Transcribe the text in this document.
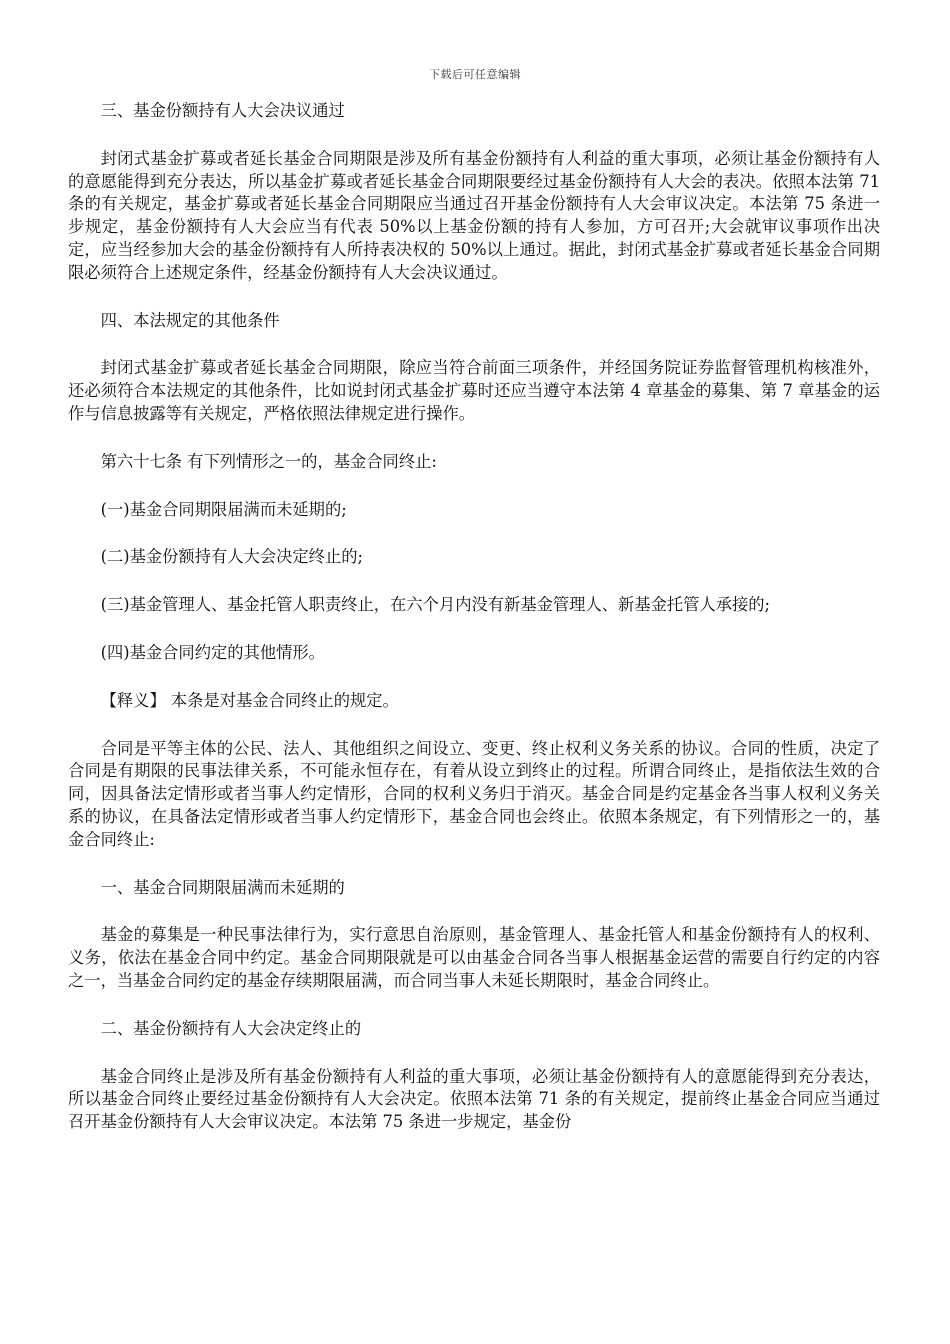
下载后可任意编辑

三、基金份额持有人大会决议通过

封闭式基金扩募或者延长基金合同期限是涉及所有基金份额持有人利益的重大事项，必须让基金份额持有人的意愿能得到充分表达，所以基金扩募或者延长基金合同期限要经过基金份额持有人大会的表决。依照本法第 71 条的有关规定，基金扩募或者延长基金合同期限应当通过召开基金份额持有人大会审议决定。本法第 75 条进一步规定，基金份额持有人大会应当有代表 50%以上基金份额的持有人参加，方可召开;大会就审议事项作出决定，应当经参加大会的基金份额持有人所持表决权的 50%以上通过。据此，封闭式基金扩募或者延长基金合同期限必须符合上述规定条件，经基金份额持有人大会决议通过。

四、本法规定的其他条件

封闭式基金扩募或者延长基金合同期限，除应当符合前面三项条件，并经国务院证券监督管理机构核准外，还必须符合本法规定的其他条件，比如说封闭式基金扩募时还应当遵守本法第 4 章基金的募集、第 7 章基金的运作与信息披露等有关规定，严格依照法律规定进行操作。

第六十七条 有下列情形之一的，基金合同终止:

(一)基金合同期限届满而未延期的;

(二)基金份额持有人大会决定终止的;

(三)基金管理人、基金托管人职责终止，在六个月内没有新基金管理人、新基金托管人承接的;

(四)基金合同约定的其他情形。

【释义】 本条是对基金合同终止的规定。

合同是平等主体的公民、法人、其他组织之间设立、变更、终止权利义务关系的协议。合同的性质，决定了合同是有期限的民事法律关系，不可能永恒存在，有着从设立到终止的过程。所谓合同终止，是指依法生效的合同，因具备法定情形或者当事人约定情形，合同的权利义务归于消灭。基金合同是约定基金各当事人权利义务关系的协议，在具备法定情形或者当事人约定情形下，基金合同也会终止。依照本条规定，有下列情形之一的，基金合同终止:

一、基金合同期限届满而未延期的

基金的募集是一种民事法律行为，实行意思自治原则，基金管理人、基金托管人和基金份额持有人的权利、义务，依法在基金合同中约定。基金合同期限就是可以由基金合同各当事人根据基金运营的需要自行约定的内容之一，当基金合同约定的基金存续期限届满，而合同当事人未延长期限时，基金合同终止。

二、基金份额持有人大会决定终止的

基金合同终止是涉及所有基金份额持有人利益的重大事项，必须让基金份额持有人的意愿能得到充分表达，所以基金合同终止要经过基金份额持有人大会决定。依照本法第 71 条的有关规定，提前终止基金合同应当通过召开基金份额持有人大会审议决定。本法第 75 条进一步规定，基金份
